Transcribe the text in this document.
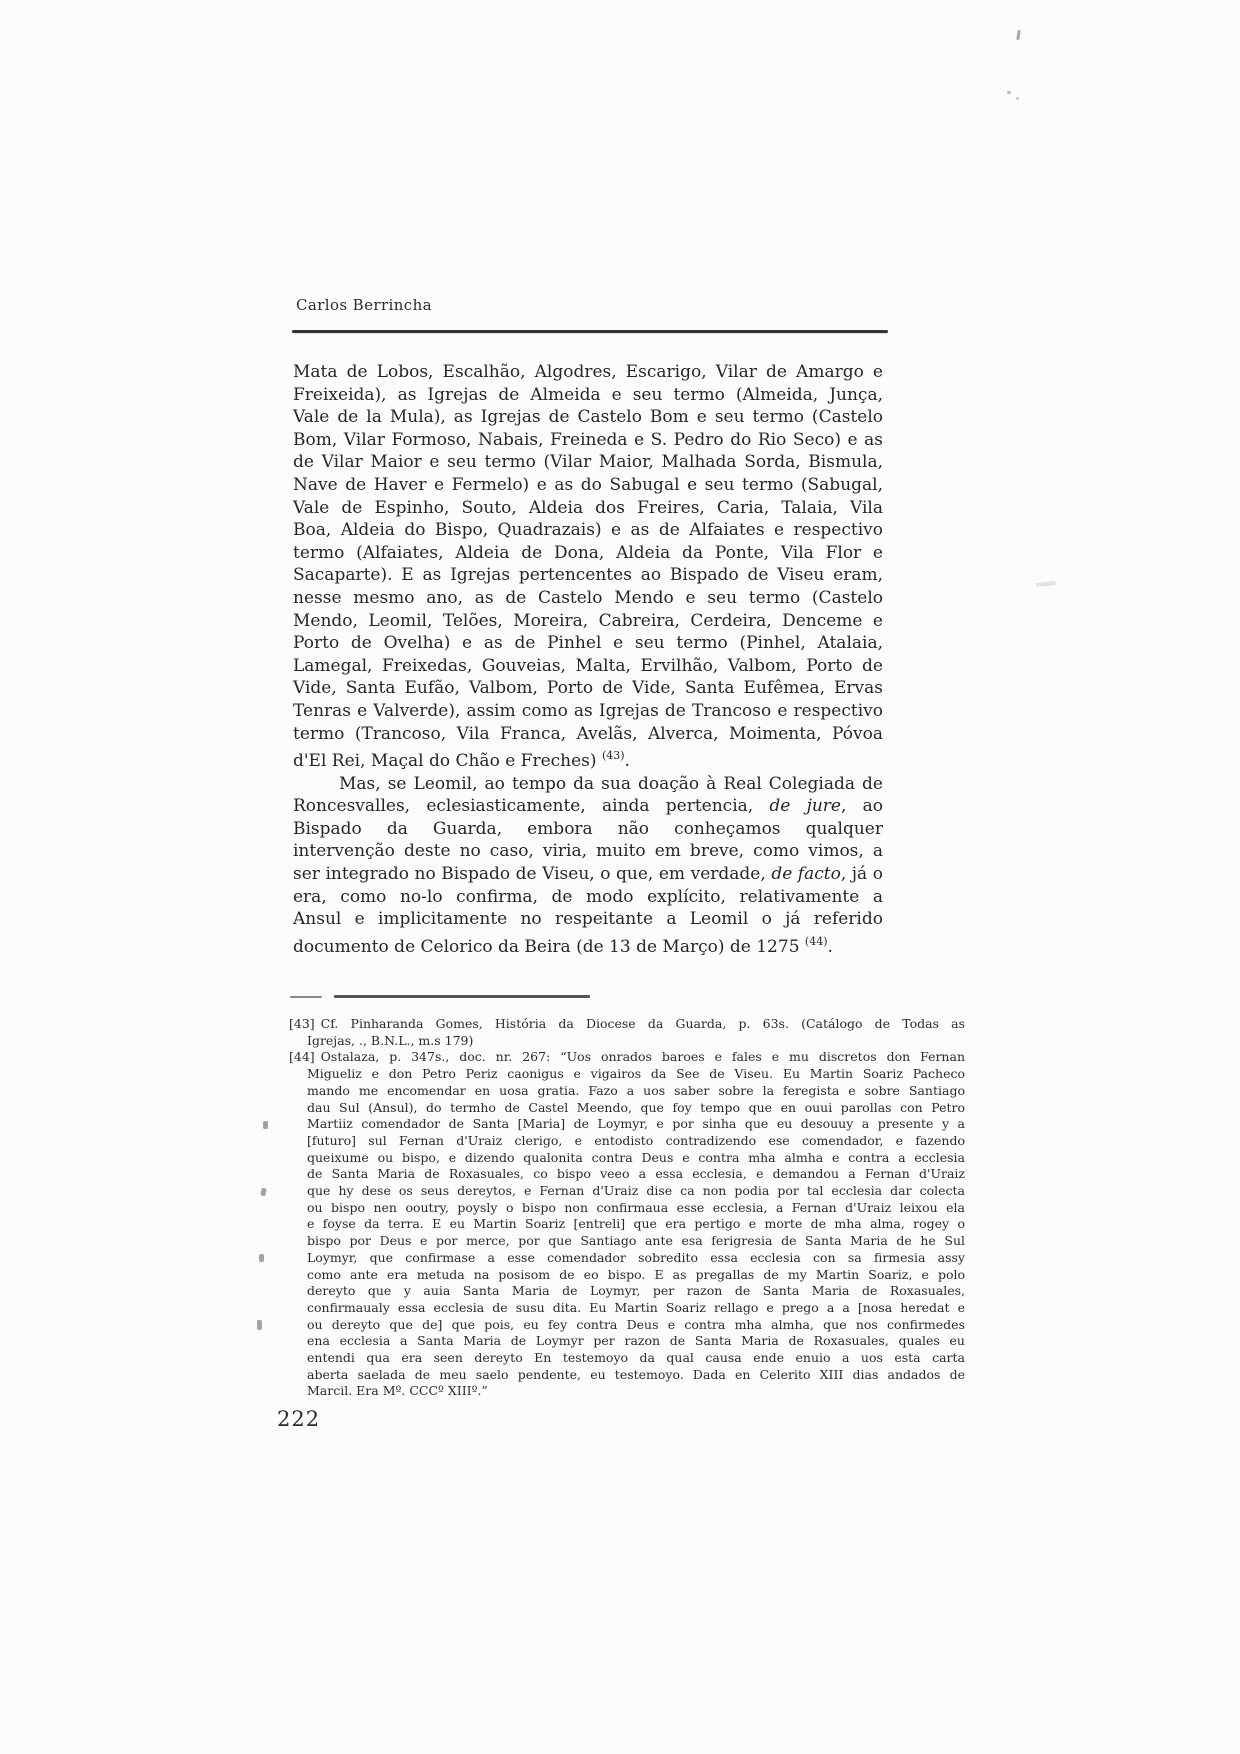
Carlos Berrincha
Mata de Lobos, Escalhão, Algodres, Escarigo, Vilar de Amargo e
Freixeida), as Igrejas de Almeida e seu termo (Almeida, Junça,
Vale de la Mula), as Igrejas de Castelo Bom e seu termo (Castelo
Bom, Vilar Formoso, Nabais, Freineda e S. Pedro do Rio Seco) e as
de Vilar Maior e seu termo (Vilar Maior, Malhada Sorda, Bismula,
Nave de Haver e Fermelo) e as do Sabugal e seu termo (Sabugal,
Vale de Espinho, Souto, Aldeia dos Freires, Caria, Talaia, Vila
Boa, Aldeia do Bispo, Quadrazais) e as de Alfaiates e respectivo
termo (Alfaiates, Aldeia de Dona, Aldeia da Ponte, Vila Flor e
Sacaparte). E as Igrejas pertencentes ao Bispado de Viseu eram,
nesse mesmo ano, as de Castelo Mendo e seu termo (Castelo
Mendo, Leomil, Telões, Moreira, Cabreira, Cerdeira, Denceme e
Porto de Ovelha) e as de Pinhel e seu termo (Pinhel, Atalaia,
Lamegal, Freixedas, Gouveias, Malta, Ervilhão, Valbom, Porto de
Vide, Santa Eufão, Valbom, Porto de Vide, Santa Eufêmea, Ervas
Tenras e Valverde), assim como as Igrejas de Trancoso e respectivo
termo (Trancoso, Vila Franca, Avelãs, Alverca, Moimenta, Póvoa
d'El Rei, Maçal do Chão e Freches) $^{(43)}$.
Mas, se Leomil, ao tempo da sua doação à Real Colegiada de
Roncesvalles, eclesiasticamente, ainda pertencia, de jure, ao
Bispado da Guarda, embora não conheçamos qualquer
intervenção deste no caso, viria, muito em breve, como vimos, a
ser integrado no Bispado de Viseu, o que, em verdade, de facto, já o
era, como no-lo confirma, de modo explícito, relativamente a
Ansul e implicitamente no respeitante a Leomil o já referido
documento de Celorico da Beira (de 13 de Março) de 1275 $^{(44)}$.
[43] Cf. Pinharanda Gomes, História da Diocese da Guarda, p. 63s. (Catálogo de Todas as
Igrejas, ., B.N.L., m.s 179)
[44] Ostalaza, p. 347s., doc. nr. 267: “Uos onrados baroes e fales e mu discretos don Fernan
Migueliz e don Petro Periz caonigus e vigairos da See de Viseu. Eu Martin Soariz Pacheco
mando me encomendar en uosa gratia. Fazo a uos saber sobre la feregista e sobre Santiago
dau Sul (Ansul), do termho de Castel Meendo, que foy tempo que en ouui parollas con Petro
Martiiz comendador de Santa [Maria] de Loymyr, e por sinha que eu desouuy a presente y a
[futuro] sul Fernan d'Uraiz clerigo, e entodisto contradizendo ese comendador, e fazendo
queixume ou bispo, e dizendo qualonita contra Deus e contra mha almha e contra a ecclesia
de Santa Maria de Roxasuales, co bispo veeo a essa ecclesia, e demandou a Fernan d'Uraiz
que hy dese os seus dereytos, e Fernan d'Uraiz dise ca non podia por tal ecclesia dar colecta
ou bispo nen ooutry, poysly o bispo non confirmaua esse ecclesia, a Fernan d'Uraiz leixou ela
e foyse da terra. E eu Martin Soariz [entreli] que era pertigo e morte de mha alma, rogey o
bispo por Deus e por merce, por que Santiago ante esa ferigresia de Santa Maria de he Sul
Loymyr, que confirmase a esse comendador sobredito essa ecclesia con sa firmesia assy
como ante era metuda na posisom de eo bispo. E as pregallas de my Martin Soariz, e polo
dereyto que y auia Santa Maria de Loymyr, per razon de Santa Maria de Roxasuales,
confirmaualy essa ecclesia de susu dita. Eu Martin Soariz rellago e prego a a [nosa heredat e
ou dereyto que de] que pois, eu fey contra Deus e contra mha almha, que nos confirmedes
ena ecclesia a Santa Maria de Loymyr per razon de Santa Maria de Roxasuales, quales eu
entendi qua era seen dereyto En testemoyo da qual causa ende enuio a uos esta carta
aberta saelada de meu saelo pendente, eu testemoyo. Dada en Celerito XIII dias andados de
Marcil. Era Mº. CCCº XIIIº.”
222
